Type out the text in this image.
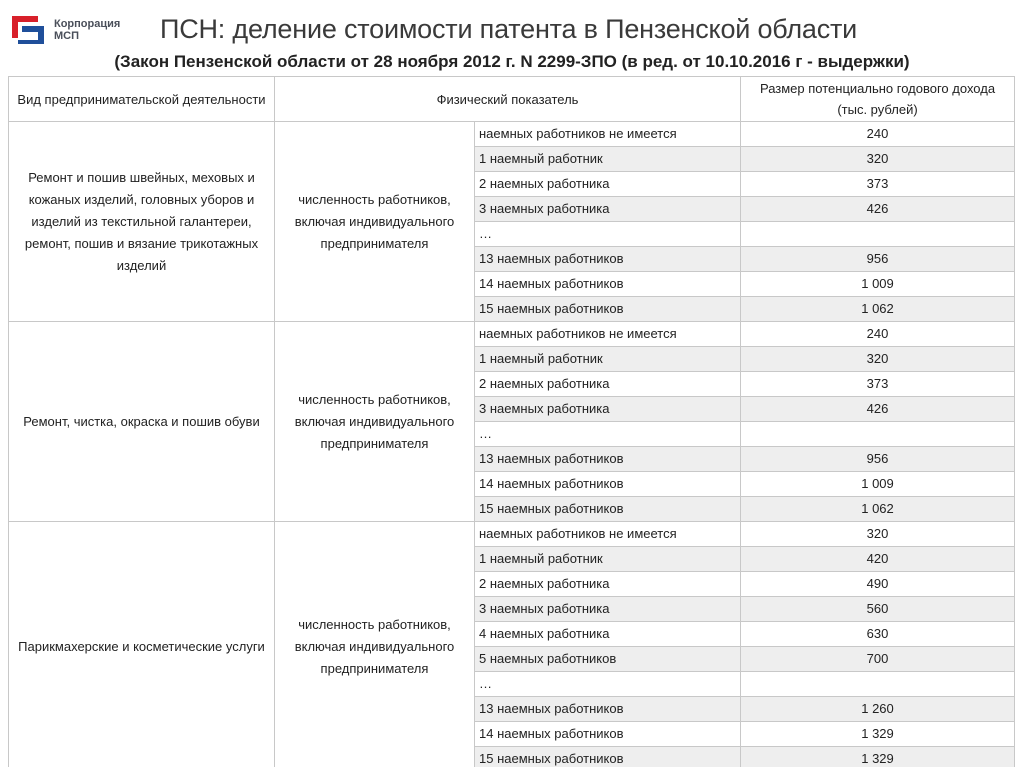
Корпорация
МСП	ПСН: деление стоимости патента в Пензенской области
(Закон Пензенской области от 28 ноября 2012 г. N 2299-ЗПО (в ред. от 10.10.2016 г - выдержки)
Вид предпринимательской деятельности	Физический показатель		Размер потенциально годового дохода (тыс. рублей)
Ремонт и пошив швейных, меховых и кожаных изделий, головных уборов и изделий из текстильной галантереи, ремонт, пошив и вязание трикотажных изделий	численность работников, включая индивидуального предпринимателя	наемных работников не имеется	240
		1 наемный работник	320
		2 наемных работника	373
		3 наемных работника	426
		…	
		13 наемных работников	956
		14 наемных работников	1 009
		15 наемных работников	1 062
Ремонт, чистка, окраска и пошив обуви	численность работников, включая индивидуального предпринимателя	наемных работников не имеется	240
		1 наемный работник	320
		2 наемных работника	373
		3 наемных работника	426
		…	
		13 наемных работников	956
		14 наемных работников	1 009
		15 наемных работников	1 062
Парикмахерские и косметические услуги	численность работников, включая индивидуального предпринимателя	наемных работников не имеется	320
		1 наемный работник	420
		2 наемных работника	490
		3 наемных работника	560
		4 наемных работника	630
		5 наемных работников	700
		…	
		13 наемных работников	1 260
		14 наемных работников	1 329
		15 наемных работников	1 329
